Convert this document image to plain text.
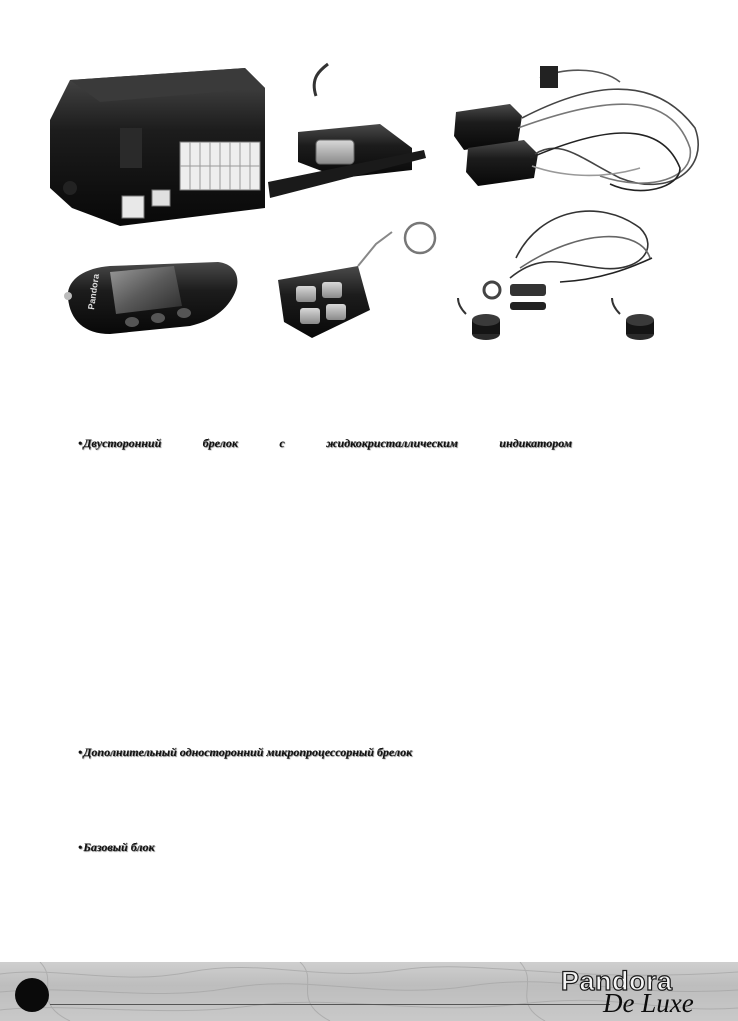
Pandora
•Двусторонний	брелок	с	жидкокристаллическим	индикатором
•Дополнительный односторонний микропроцессорный брелок
•Базовый блок
Pandora
De Luxe
